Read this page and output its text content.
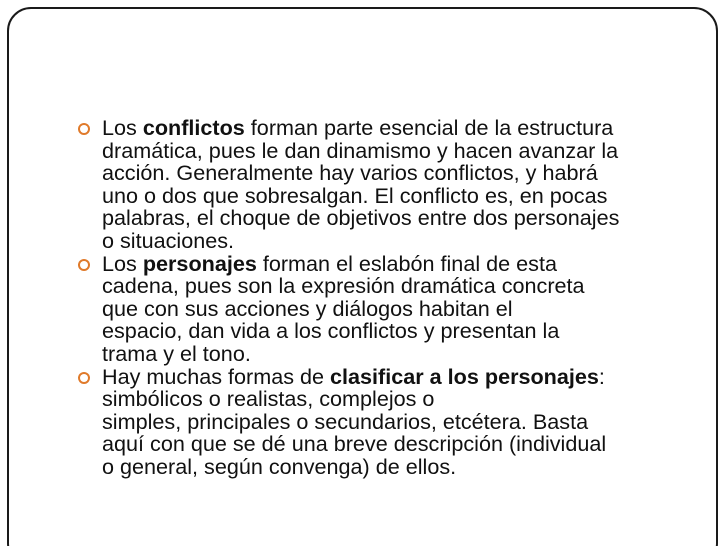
Los conflictos forman parte esencial de la estructura
dramática, pues le dan dinamismo y hacen avanzar la
acción. Generalmente hay varios conflictos, y habrá
uno o dos que sobresalgan. El conflicto es, en pocas
palabras, el choque de objetivos entre dos personajes
o situaciones.
Los personajes forman el eslabón final de esta
cadena, pues son la expresión dramática concreta
que con sus acciones y diálogos habitan el
espacio, dan vida a los conflictos y presentan la
trama y el tono.
Hay muchas formas de clasificar a los personajes:
simbólicos o realistas, complejos o
simples, principales o secundarios, etcétera. Basta
aquí con que se dé una breve descripción (individual
o general, según convenga) de ellos.
